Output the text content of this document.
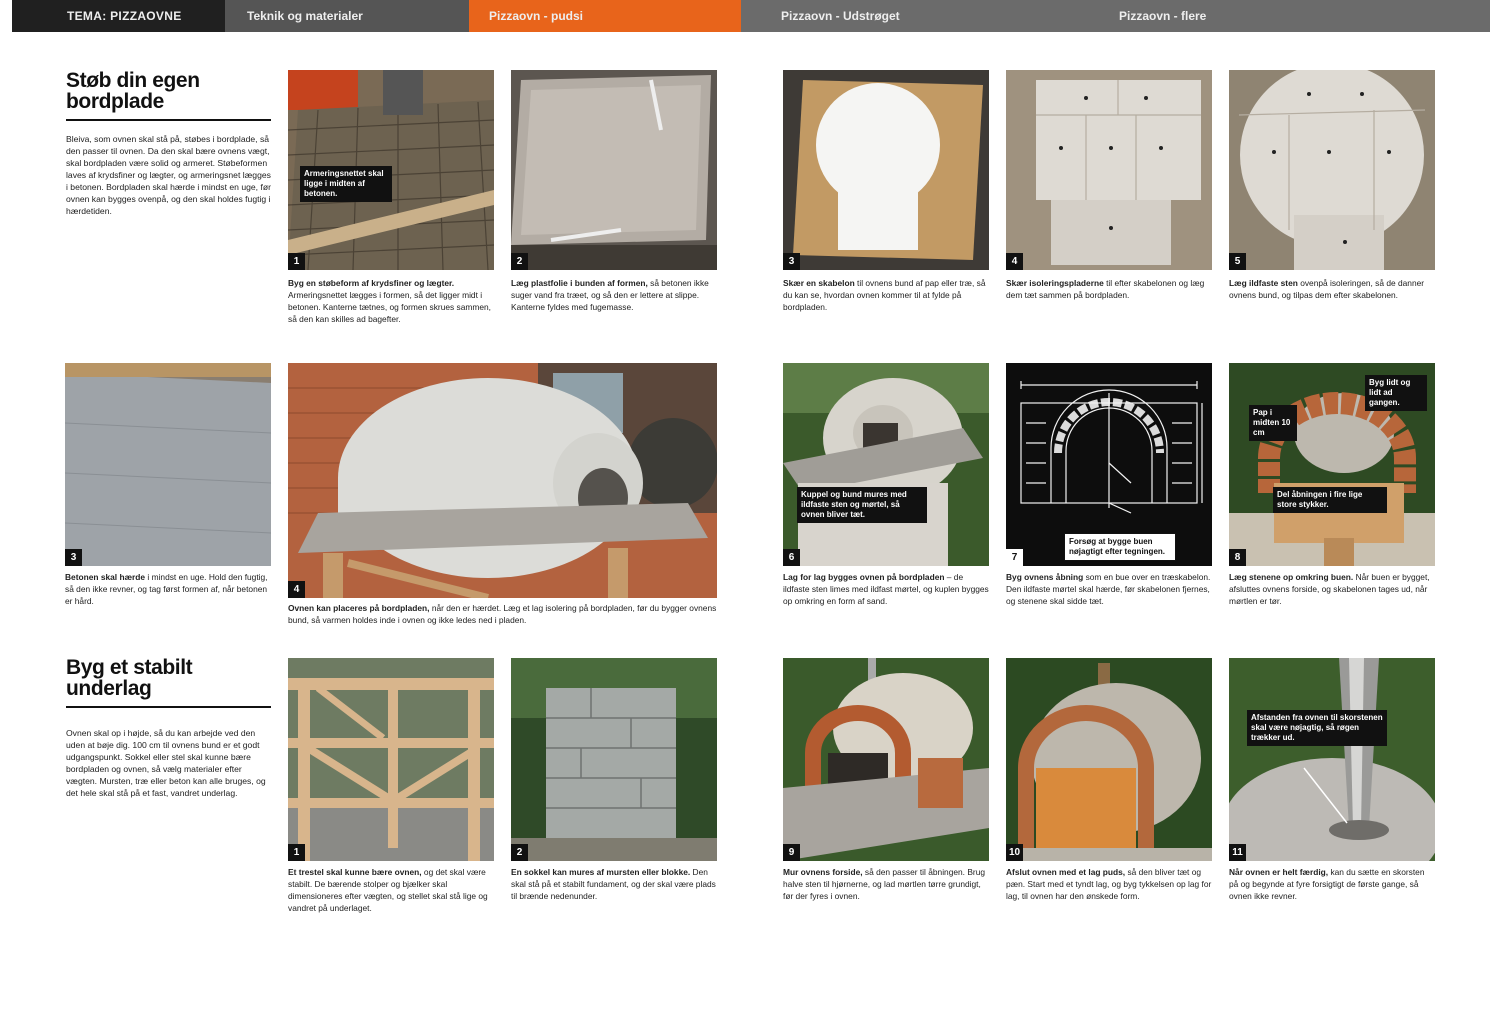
TEMA: PIZZAOVNE	Teknik og materialer	Pizzaovn - pudsi	Pizzaovn - Udstrøget	Pizzaovn - flere
Støb din egen bordplade
Bleiva, som ovnen skal stå på, støbes i bordplade, så den passer til ovnen. Da den skal bære ovnens vægt, skal bordpladen være solid og armeret. Støbeformen laves af krydsfiner og lægter, og armeringsnet lægges i betonen. Bordpladen skal hærde i mindst en uge, før ovnen kan bygges ovenpå, og den skal holdes fugtig i hærdetiden.
Armeringsnettet skal ligge i midten af betonen.
1
Byg en støbeform af krydsfiner og lægter. Armeringsnettet lægges i formen, så det ligger midt i betonen. Kanterne tætnes, og formen skrues sammen, så den kan skilles ad bagefter.
2
Læg plastfolie i bunden af formen, så betonen ikke suger vand fra træet, og så den er lettere at slippe. Kanterne fyldes med fugemasse.
3
Betonen skal hærde i mindst en uge. Hold den fugtig, så den ikke revner, og tag først formen af, når betonen er hård.
4
Ovnen kan placeres på bordpladen, når den er hærdet. Læg et lag isolering på bordpladen, før du bygger ovnens bund, så varmen holdes inde i ovnen og ikke ledes ned i pladen.
Byg et stabilt underlag
Ovnen skal op i højde, så du kan arbejde ved den uden at bøje dig. 100 cm til ovnens bund er et godt udgangspunkt. Sokkel eller stel skal kunne bære bordpladen og ovnen, så vælg materialer efter vægten. Mursten, træ eller beton kan alle bruges, og det hele skal stå på et fast, vandret underlag.
1
Et trestel skal kunne bære ovnen, og det skal være stabilt. De bærende stolper og bjælker skal dimensioneres efter vægten, og stellet skal stå lige og vandret på underlaget.
2
En sokkel kan mures af mursten eller blokke. Den skal stå på et stabilt fundament, og der skal være plads til brænde nedenunder.
3
Skær en skabelon til ovnens bund af pap eller træ, så du kan se, hvordan ovnen kommer til at fylde på bordpladen.
4
Skær isoleringspladerne til efter skabelonen og læg dem tæt sammen på bordpladen.
5
Læg ildfaste sten ovenpå isoleringen, så de danner ovnens bund, og tilpas dem efter skabelonen.
Kuppel og bund mures med ildfaste sten og mørtel, så ovnen bliver tæt.
6
Lag for lag bygges ovnen på bordpladen – de ildfaste sten limes med ildfast mørtel, og kuplen bygges op omkring en form af sand.
Forsøg at bygge buen nøjagtigt efter tegningen.
7
Byg ovnens åbning som en bue over en træskabelon. Den ildfaste mørtel skal hærde, før skabelonen fjernes, og stenene skal sidde tæt.
Pap i midten 10 cm
Byg lidt og lidt ad gangen.
Del åbningen i fire lige store stykker.
8
Læg stenene op omkring buen. Når buen er bygget, afsluttes ovnens forside, og skabelonen tages ud, når mørtlen er tør.
9
Mur ovnens forside, så den passer til åbningen. Brug halve sten til hjørnerne, og lad mørtlen tørre grundigt, før der fyres i ovnen.
10
Afslut ovnen med et lag puds, så den bliver tæt og pæn. Start med et tyndt lag, og byg tykkelsen op lag for lag, til ovnen har den ønskede form.
Afstanden fra ovnen til skorstenen skal være nøjagtig, så røgen trækker ud.
11
Når ovnen er helt færdig, kan du sætte en skorsten på og begynde at fyre forsigtigt de første gange, så ovnen ikke revner.
